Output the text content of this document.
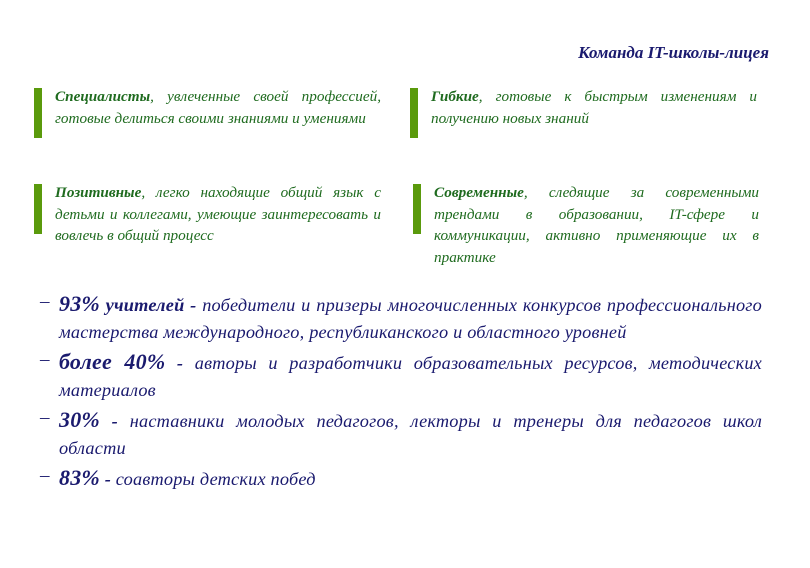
Команда IT-школы-лицея
Специалисты, увлеченные своей профессией, готовые делиться своими знаниями и умениями
Гибкие, готовые к быстрым изменениям и получению новых знаний
Позитивные, легко находящие общий язык с детьми и коллегами, умеющие заинтересовать и вовлечь в общий процесс
Современные, следящие за современными трендами в образовании, IT-сфере и коммуникации, активно применяющие их в практике
– 93% учителей - победители и призеры многочисленных конкурсов профессионального мастерства международного, республиканского и областного уровней
– более 40% - авторы и разработчики образовательных ресурсов, методических материалов
– 30% - наставники молодых педагогов, лекторы и тренеры для педагогов школ области
– 83% - соавторы детских побед
